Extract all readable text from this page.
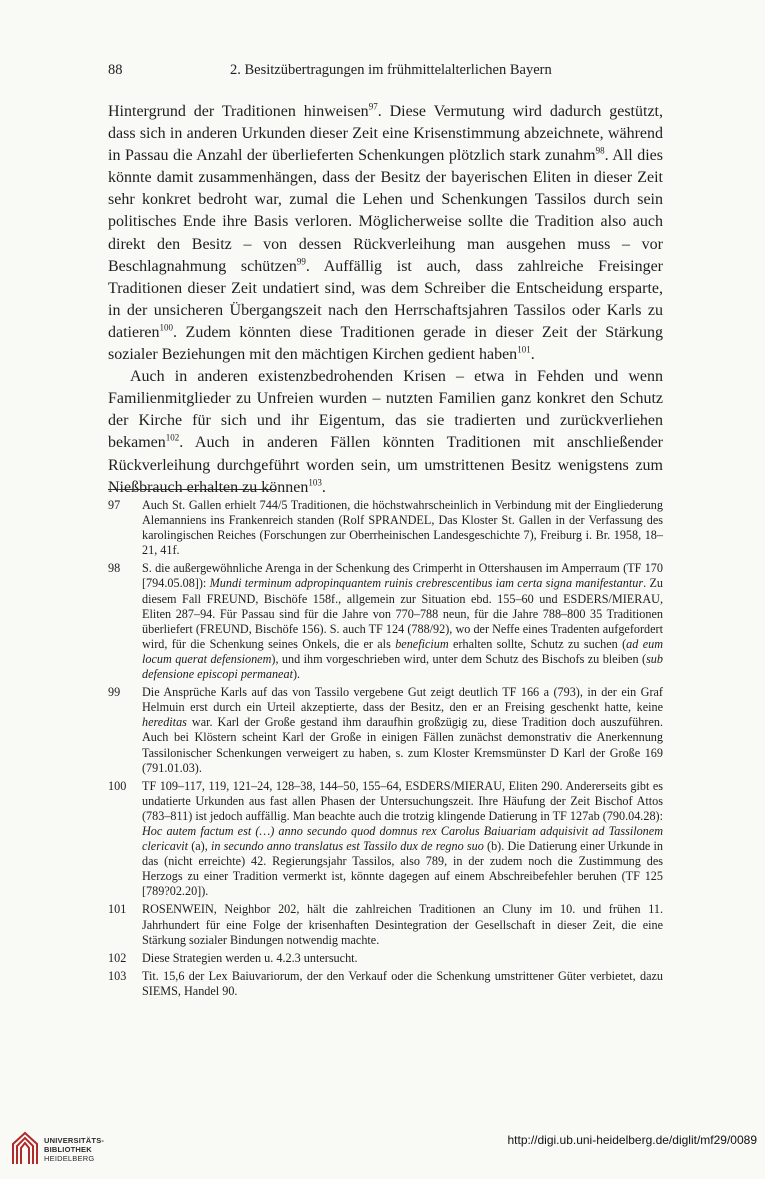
88	2. Besitzübertragungen im frühmittelalterlichen Bayern

Hintergrund der Traditionen hinweisen$^{97}$. Diese Vermutung wird dadurch gestützt, dass sich in anderen Urkunden dieser Zeit eine Krisenstimmung abzeichnete, während in Passau die Anzahl der überlieferten Schenkungen plötzlich stark zunahm$^{98}$. All dies könnte damit zusammenhängen, dass der Besitz der bayerischen Eliten in dieser Zeit sehr konkret bedroht war, zumal die Lehen und Schenkungen Tassilos durch sein politisches Ende ihre Basis verloren. Möglicherweise sollte die Tradition also auch direkt den Besitz – von dessen Rückverleihung man ausgehen muss – vor Beschlagnahmung schützen$^{99}$. Auffällig ist auch, dass zahlreiche Freisinger Traditionen dieser Zeit undatiert sind, was dem Schreiber die Entscheidung ersparte, in der unsicheren Übergangszeit nach den Herrschaftsjahren Tassilos oder Karls zu datieren$^{100}$. Zudem könnten diese Traditionen gerade in dieser Zeit der Stärkung sozialer Beziehungen mit den mächtigen Kirchen gedient haben$^{101}$.

Auch in anderen existenzbedrohenden Krisen – etwa in Fehden und wenn Familienmitglieder zu Unfreien wurden – nutzten Familien ganz konkret den Schutz der Kirche für sich und ihr Eigentum, das sie tradierten und zurückverliehen bekamen$^{102}$. Auch in anderen Fällen könnten Traditionen mit anschließender Rückverleihung durchgeführt worden sein, um umstrittenen Besitz wenigstens zum Nießbrauch erhalten zu können$^{103}$.

97 Auch St. Gallen erhielt 744/5 Traditionen, die höchstwahrscheinlich in Verbindung mit der Eingliederung Alemanniens ins Frankenreich standen (Rolf SPRANDEL, Das Kloster St. Gallen in der Verfassung des karolingischen Reiches (Forschungen zur Oberrheinischen Landesgeschichte 7), Freiburg i. Br. 1958, 18–21, 41f.
98 S. die außergewöhnliche Arenga in der Schenkung des Crimperht in Ottershausen im Amperraum (TF 170 [794.05.08]): Mundi terminum adpropinquantem ruinis crebrescentibus iam certa signa manifestantur. Zu diesem Fall FREUND, Bischöfe 158f., allgemein zur Situation ebd. 155–60 und ESDERS/MIERAU, Eliten 287–94. Für Passau sind für die Jahre von 770–788 neun, für die Jahre 788–800 35 Traditionen überliefert (FREUND, Bischöfe 156). S. auch TF 124 (788/92), wo der Neffe eines Tradenten aufgefordert wird, für die Schenkung seines Onkels, die er als beneficium erhalten sollte, Schutz zu suchen (ad eum locum querat defensionem), und ihm vorgeschrieben wird, unter dem Schutz des Bischofs zu bleiben (sub defensione episcopi permaneat).
99 Die Ansprüche Karls auf das von Tassilo vergebene Gut zeigt deutlich TF 166 a (793), in der ein Graf Helmuin erst durch ein Urteil akzeptierte, dass der Besitz, den er an Freising geschenkt hatte, keine hereditas war. Karl der Große gestand ihm daraufhin großzügig zu, diese Tradition doch auszuführen. Auch bei Klöstern scheint Karl der Große in einigen Fällen zunächst demonstrativ die Anerkennung Tassilonischer Schenkungen verweigert zu haben, s. zum Kloster Kremsmünster D Karl der Große 169 (791.01.03).
100 TF 109–117, 119, 121–24, 128–38, 144–50, 155–64, ESDERS/MIERAU, Eliten 290. Andererseits gibt es undatierte Urkunden aus fast allen Phasen der Untersuchungszeit. Ihre Häufung der Zeit Bischof Attos (783–811) ist jedoch auffällig. Man beachte auch die trotzig klingende Datierung in TF 127ab (790.04.28): Hoc autem factum est (…) anno secundo quod domnus rex Carolus Baiuariam adquisivit ad Tassilonem clericavit (a), in secundo anno translatus est Tassilo dux de regno suo (b). Die Datierung einer Urkunde in das (nicht erreichte) 42. Regierungsjahr Tassilos, also 789, in der zudem noch die Zustimmung des Herzogs zu einer Tradition vermerkt ist, könnte dagegen auf einem Abschreibefehler beruhen (TF 125 [789?02.20]).
101 ROSENWEIN, Neighbor 202, hält die zahlreichen Traditionen an Cluny im 10. und frühen 11. Jahrhundert für eine Folge der krisenhaften Desintegration der Gesellschaft in dieser Zeit, die eine Stärkung sozialer Bindungen notwendig machte.
102 Diese Strategien werden u. 4.2.3 untersucht.
103 Tit. 15,6 der Lex Baiuvariorum, der den Verkauf oder die Schenkung umstrittener Güter verbietet, dazu SIEMS, Handel 90.
UNIVERSITÄTS-
BIBLIOTHEK
HEIDELBERG
http://digi.ub.uni-heidelberg.de/diglit/mf29/0089
